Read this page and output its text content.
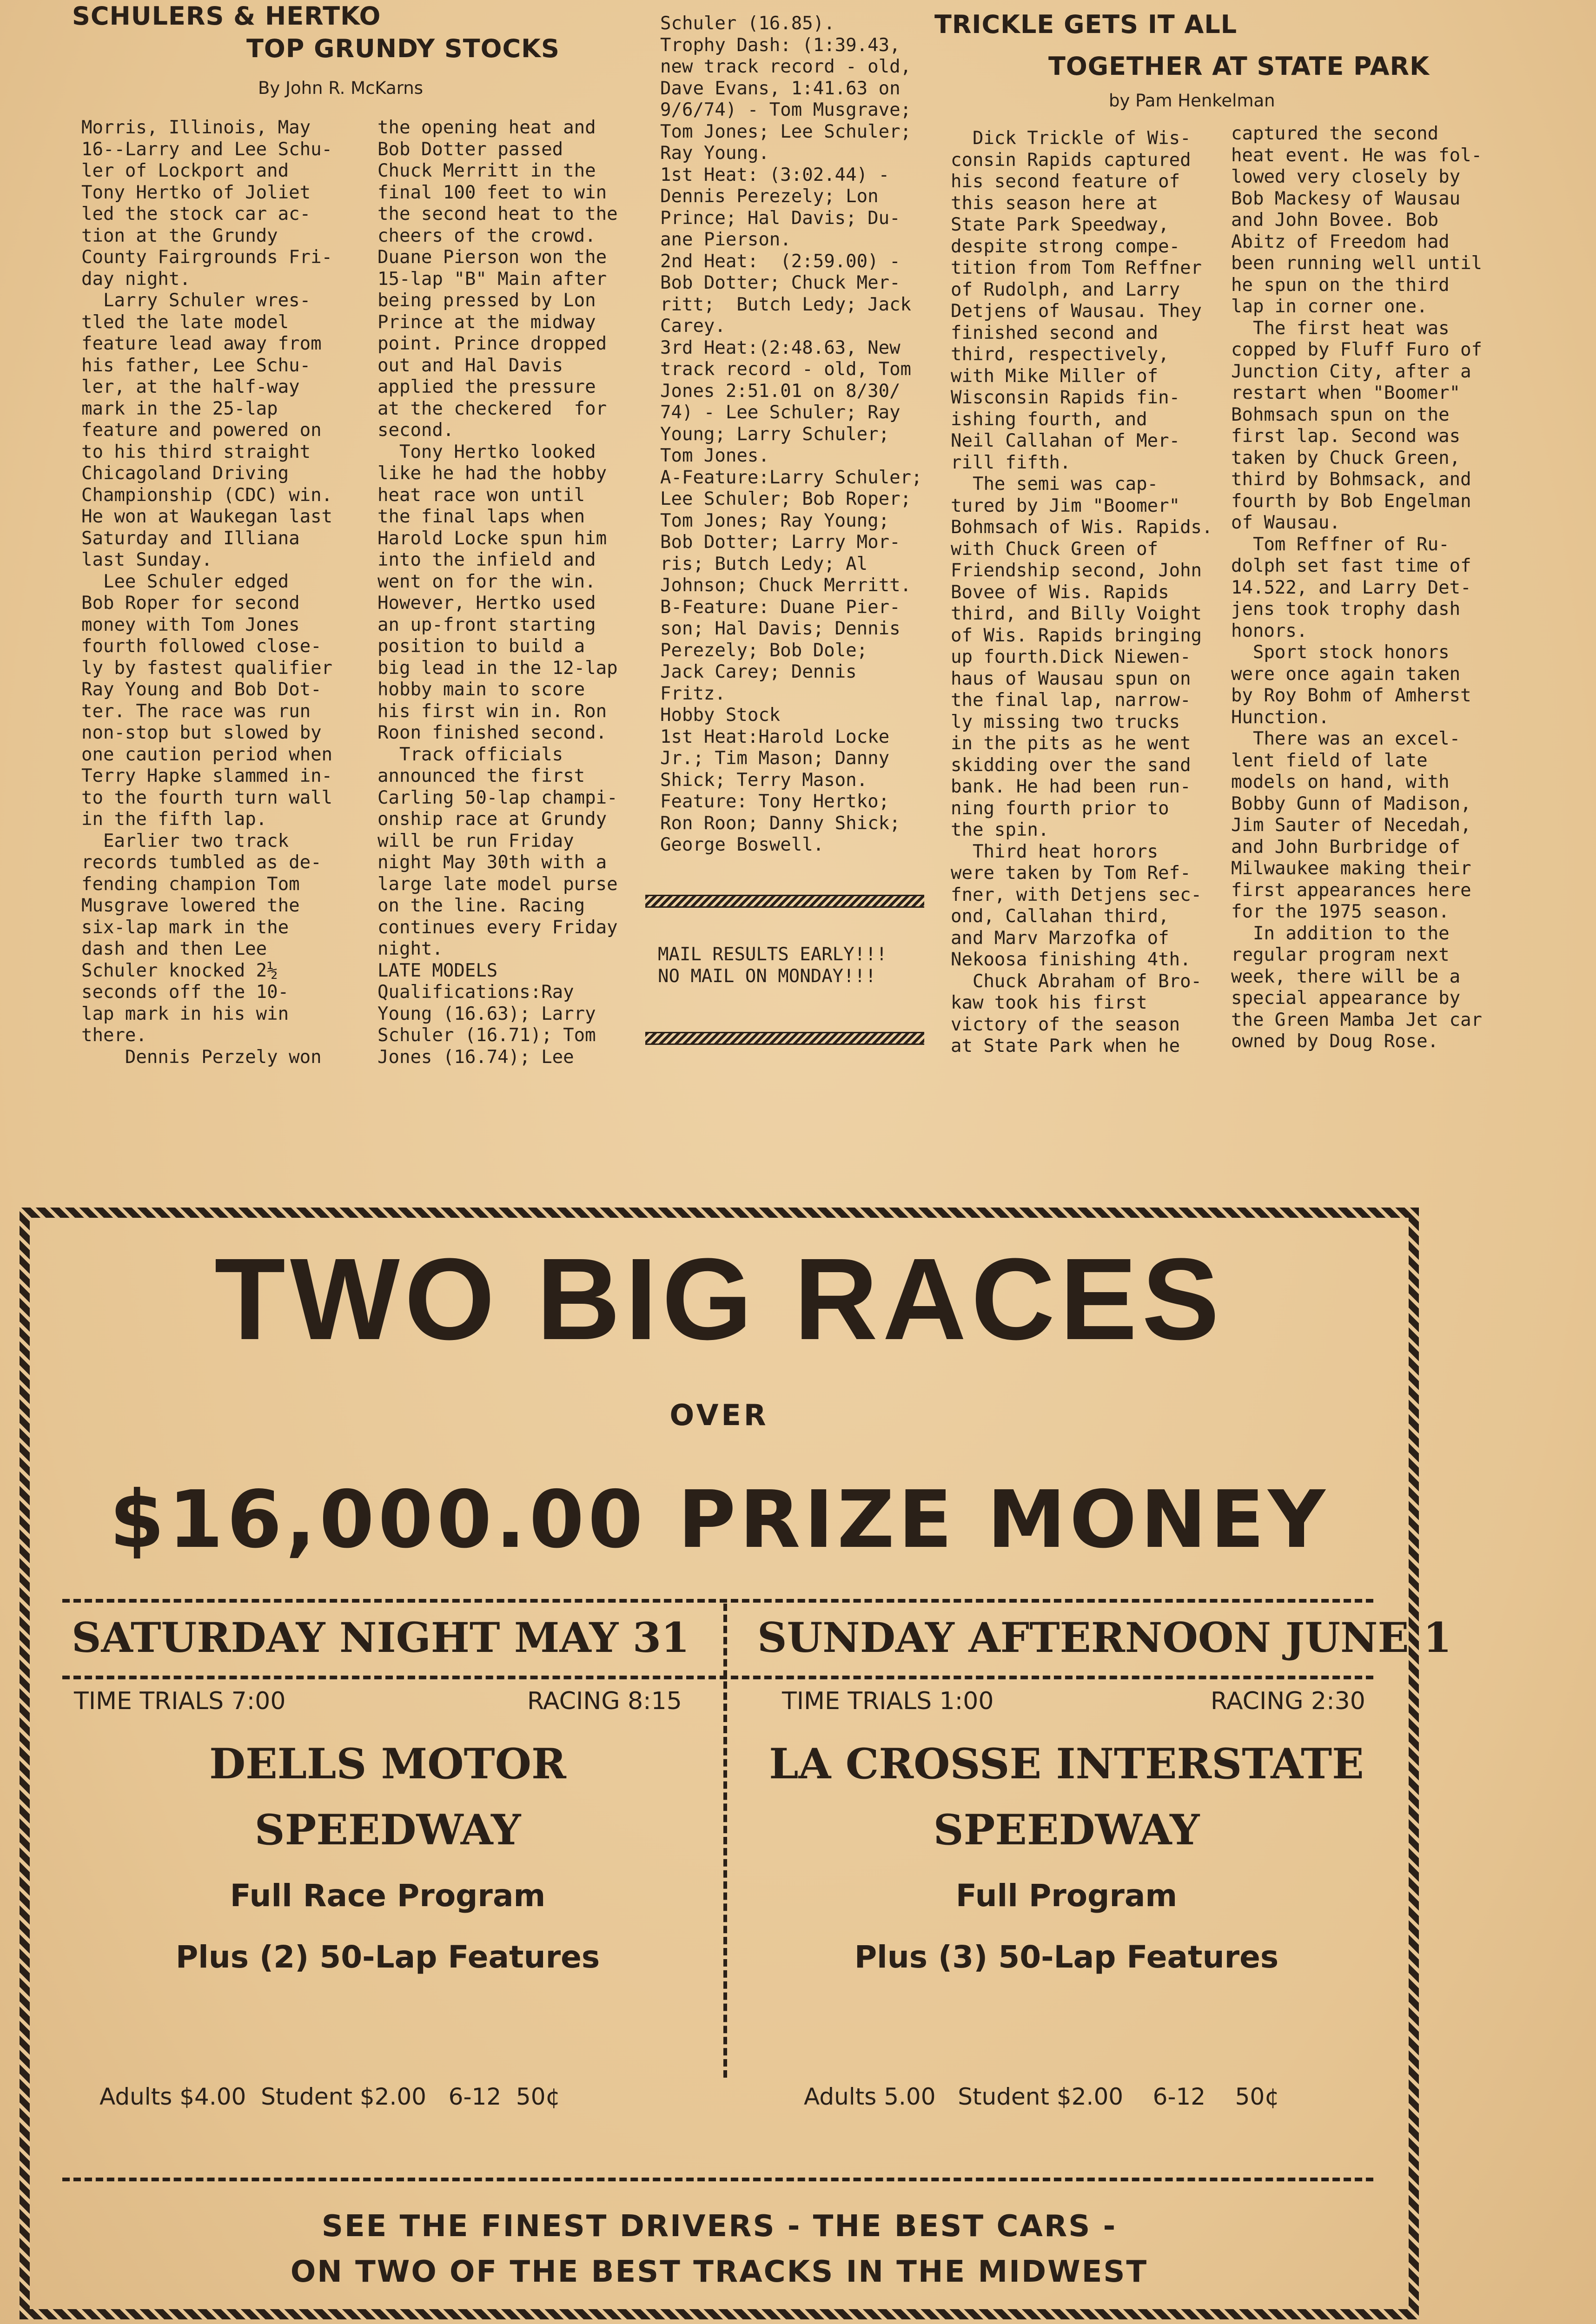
SCHULERS & HERTKO
TOP GRUNDY STOCKS
By John R. McKarns
Morris, Illinois, May
16--Larry and Lee Schu-
ler of Lockport and
Tony Hertko of Joliet
led the stock car ac-
tion at the Grundy
County Fairgrounds Fri-
day night.
Larry Schuler wres-
tled the late model
feature lead away from
his father, Lee Schu-
ler, at the half-way
mark in the 25-lap
feature and powered on
to his third straight
Chicagoland Driving
Championship (CDC) win.
He won at Waukegan last
Saturday and Illiana
last Sunday.
Lee Schuler edged
Bob Roper for second
money with Tom Jones
fourth followed close-
ly by fastest qualifier
Ray Young and Bob Dot-
ter. The race was run
non-stop but slowed by
one caution period when
Terry Hapke slammed in-
to the fourth turn wall
in the fifth lap.
Earlier two track
records tumbled as de-
fending champion Tom
Musgrave lowered the
six-lap mark in the
dash and then Lee
Schuler knocked 2½
seconds off the 10-
lap mark in his win
there.
Dennis Perzely won
the opening heat and
Bob Dotter passed
Chuck Merritt in the
final 100 feet to win
the second heat to the
cheers of the crowd.
Duane Pierson won the
15-lap "B" Main after
being pressed by Lon
Prince at the midway
point. Prince dropped
out and Hal Davis
applied the pressure
at the checkered  for
second.
Tony Hertko looked
like he had the hobby
heat race won until
the final laps when
Harold Locke spun him
into the infield and
went on for the win.
However, Hertko used
an up-front starting
position to build a
big lead in the 12-lap
hobby main to score
his first win in. Ron
Roon finished second.
Track officials
announced the first
Carling 50-lap champi-
onship race at Grundy
will be run Friday
night May 30th with a
large late model purse
on the line. Racing
continues every Friday
night.
LATE MODELS
Qualifications:Ray
Young (16.63); Larry
Schuler (16.71); Tom
Jones (16.74); Lee
Schuler (16.85).
Trophy Dash: (1:39.43,
new track record - old,
Dave Evans, 1:41.63 on
9/6/74) - Tom Musgrave;
Tom Jones; Lee Schuler;
Ray Young.
1st Heat: (3:02.44) -
Dennis Perezely; Lon
Prince; Hal Davis; Du-
ane Pierson.
2nd Heat:  (2:59.00) -
Bob Dotter; Chuck Mer-
ritt;  Butch Ledy; Jack
Carey.
3rd Heat:(2:48.63, New
track record - old, Tom
Jones 2:51.01 on 8/30/
74) - Lee Schuler; Ray
Young; Larry Schuler;
Tom Jones.
A-Feature:Larry Schuler;
Lee Schuler; Bob Roper;
Tom Jones; Ray Young;
Bob Dotter; Larry Mor-
ris; Butch Ledy; Al
Johnson; Chuck Merritt.
B-Feature: Duane Pier-
son; Hal Davis; Dennis
Perezely; Bob Dole;
Jack Carey; Dennis
Fritz.
Hobby Stock
1st Heat:Harold Locke
Jr.; Tim Mason; Danny
Shick; Terry Mason.
Feature: Tony Hertko;
Ron Roon; Danny Shick;
George Boswell.
MAIL RESULTS EARLY!!!
NO MAIL ON MONDAY!!!
TRICKLE GETS IT ALL
TOGETHER AT STATE PARK
by Pam Henkelman
Dick Trickle of Wis-
consin Rapids captured
his second feature of
this season here at
State Park Speedway,
despite strong compe-
tition from Tom Reffner
of Rudolph, and Larry
Detjens of Wausau. They
finished second and
third, respectively,
with Mike Miller of
Wisconsin Rapids fin-
ishing fourth, and
Neil Callahan of Mer-
rill fifth.
The semi was cap-
tured by Jim "Boomer"
Bohmsach of Wis. Rapids.
with Chuck Green of
Friendship second, John
Bovee of Wis. Rapids
third, and Billy Voight
of Wis. Rapids bringing
up fourth.Dick Niewen-
haus of Wausau spun on
the final lap, narrow-
ly missing two trucks
in the pits as he went
skidding over the sand
bank. He had been run-
ning fourth prior to
the spin.
Third heat horors
were taken by Tom Ref-
fner, with Detjens sec-
ond, Callahan third,
and Marv Marzofka of
Nekoosa finishing 4th.
Chuck Abraham of Bro-
kaw took his first
victory of the season
at State Park when he
captured the second
heat event. He was fol-
lowed very closely by
Bob Mackesy of Wausau
and John Bovee. Bob
Abitz of Freedom had
been running well until
he spun on the third
lap in corner one.
The first heat was
copped by Fluff Furo of
Junction City, after a
restart when "Boomer"
Bohmsach spun on the
first lap. Second was
taken by Chuck Green,
third by Bohmsack, and
fourth by Bob Engelman
of Wausau.
Tom Reffner of Ru-
dolph set fast time of
14.522, and Larry Det-
jens took trophy dash
honors.
Sport stock honors
were once again taken
by Roy Bohm of Amherst
Hunction.
There was an excel-
lent field of late
models on hand, with
Bobby Gunn of Madison,
Jim Sauter of Necedah,
and John Burbridge of
Milwaukee making their
first appearances here
for the 1975 season.
In addition to the
regular program next
week, there will be a
special appearance by
the Green Mamba Jet car
owned by Doug Rose.
TWO BIG RACES
OVER
$16,000.00 PRIZE MONEY
SATURDAY NIGHT MAY 31
TIME TRIALS 7:00	RACING 8:15
DELLS MOTOR
SPEEDWAY
Full Race Program
Plus (2) 50-Lap Features
Adults $4.00  Student $2.00   6-12  50¢
SUNDAY AFTERNOON JUNE 1
TIME TRIALS 1:00	RACING 2:30
LA CROSSE INTERSTATE
SPEEDWAY
Full Program
Plus (3) 50-Lap Features
Adults 5.00   Student $2.00    6-12    50¢
SEE THE FINEST DRIVERS - THE BEST CARS -
ON TWO OF THE BEST TRACKS IN THE MIDWEST
